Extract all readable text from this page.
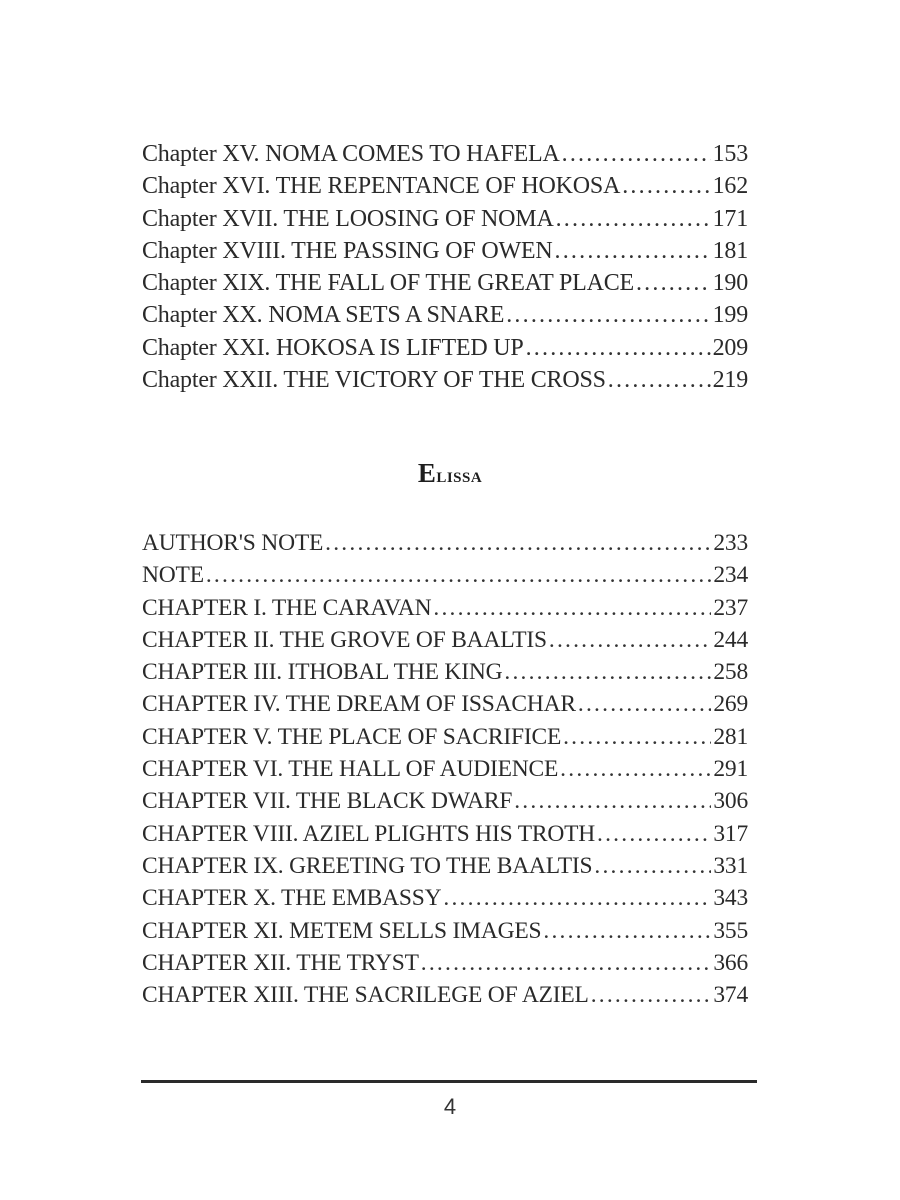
Chapter XV. NOMA COMES TO HAFELA .....	153
Chapter XVI. THE REPENTANCE OF HOKOSA .....	162
Chapter XVII. THE LOOSING OF NOMA .....	171
Chapter XVIII. THE PASSING OF OWEN .....	181
Chapter XIX. THE FALL OF THE GREAT PLACE .....	190
Chapter XX. NOMA SETS A SNARE .....	199
Chapter XXI. HOKOSA IS LIFTED UP .....	209
Chapter XXII. THE VICTORY OF THE CROSS .....	219
Elissa
AUTHOR'S NOTE .....	233
NOTE .....	234
CHAPTER I. THE CARAVAN .....	237
CHAPTER II. THE GROVE OF BAALTIS .....	244
CHAPTER III. ITHOBAL THE KING .....	258
CHAPTER IV. THE DREAM OF ISSACHAR .....	269
CHAPTER V. THE PLACE OF SACRIFICE .....	281
CHAPTER VI. THE HALL OF AUDIENCE .....	291
CHAPTER VII. THE BLACK DWARF .....	306
CHAPTER VIII. AZIEL PLIGHTS HIS TROTH .....	317
CHAPTER IX. GREETING TO THE BAALTIS .....	331
CHAPTER X. THE EMBASSY .....	343
CHAPTER XI. METEM SELLS IMAGES .....	355
CHAPTER XII. THE TRYST .....	366
CHAPTER XIII. THE SACRILEGE OF AZIEL .....	374
4
